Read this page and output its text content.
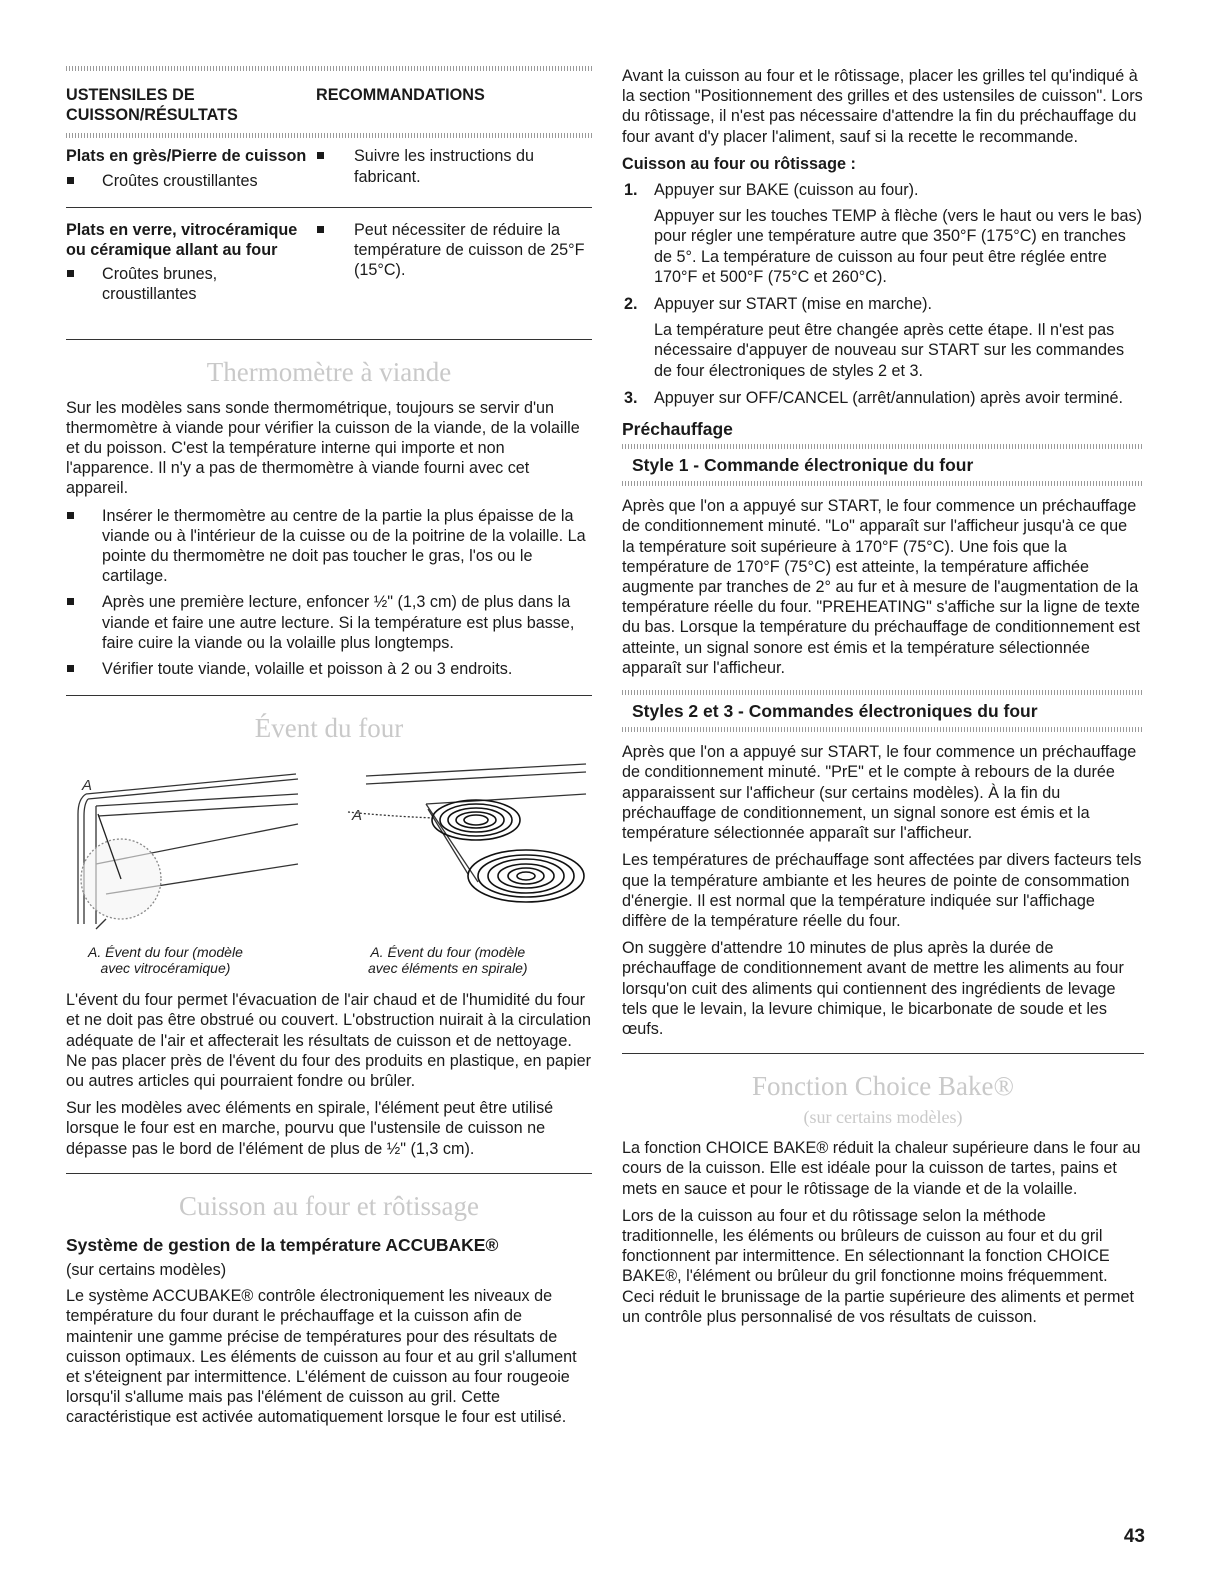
USTENSILES DE CUISSON/RÉSULTATS	RECOMMANDATIONS

Plats en grès/Pierre de cuisson
Croûtes croustillantes	Suivre les instructions du fabricant.

Plats en verre, vitrocéramique ou céramique allant au four
Croûtes brunes, croustillantes	Peut nécessiter de réduire la température de cuisson de 25°F (15°C).
Thermomètre à viande

Sur les modèles sans sonde thermométrique, toujours se servir d'un thermomètre à viande pour vérifier la cuisson de la viande, de la volaille et du poisson. C'est la température interne qui importe et non l'apparence. Il n'y a pas de thermomètre à viande fourni avec cet appareil.

Insérer le thermomètre au centre de la partie la plus épaisse de la viande ou à l'intérieur de la cuisse ou de la poitrine de la volaille. La pointe du thermomètre ne doit pas toucher le gras, l'os ou le cartilage.
Après une première lecture, enfoncer ½" (1,3 cm) de plus dans la viande et faire une autre lecture. Si la température est plus basse, faire cuire la viande ou la volaille plus longtemps.
Vérifier toute viande, volaille et poisson à 2 ou 3 endroits.
Évent du four
A
A
A. Évent du four (modèle
avec vitrocéramique)
A. Évent du four (modèle
avec éléments en spirale)

L'évent du four permet l'évacuation de l'air chaud et de l'humidité du four et ne doit pas être obstrué ou couvert. L'obstruction nuirait à la circulation adéquate de l'air et affecterait les résultats de cuisson et de nettoyage. Ne pas placer près de l'évent du four des produits en plastique, en papier ou autres articles qui pourraient fondre ou brûler.

Sur les modèles avec éléments en spirale, l'élément peut être utilisé lorsque le four est en marche, pourvu que l'ustensile de cuisson ne dépasse pas le bord de l'élément de plus de ½" (1,3 cm).

Cuisson au four et rôtissage
Système de gestion de la température ACCUBAKE®

(sur certains modèles)

Le système ACCUBAKE® contrôle électroniquement les niveaux de température du four durant le préchauffage et la cuisson afin de maintenir une gamme précise de températures pour des résultats de cuisson optimaux. Les éléments de cuisson au four et au gril s'allument et s'éteignent par intermittence. L'élément de cuisson au four rougeoie lorsqu'il s'allume mais pas l'élément de cuisson au gril. Cette caractéristique est activée automatiquement lorsque le four est utilisé.

Avant la cuisson au four et le rôtissage, placer les grilles tel qu'indiqué à la section "Positionnement des grilles et des ustensiles de cuisson". Lors du rôtissage, il n'est pas nécessaire d'attendre la fin du préchauffage du four avant d'y placer l'aliment, sauf si la recette le recommande.

Cuisson au four ou rôtissage :
1. Appuyer sur BAKE (cuisson au four).
Appuyer sur les touches TEMP à flèche (vers le haut ou vers le bas) pour régler une température autre que 350°F (175°C) en tranches de 5°. La température de cuisson au four peut être réglée entre 170°F et 500°F (75°C et 260°C).
2. Appuyer sur START (mise en marche).
La température peut être changée après cette étape. Il n'est pas nécessaire d'appuyer de nouveau sur START sur les commandes de four électroniques de styles 2 et 3.
3. Appuyer sur OFF/CANCEL (arrêt/annulation) après avoir terminé.
Préchauffage
Style 1 - Commande électronique du four

Après que l'on a appuyé sur START, le four commence un préchauffage de conditionnement minuté. "Lo" apparaît sur l'afficheur jusqu'à ce que la température soit supérieure à 170°F (75°C). Une fois que la température de 170°F (75°C) est atteinte, la température affichée augmente par tranches de 2° au fur et à mesure de l'augmentation de la température réelle du four. "PREHEATING" s'affiche sur la ligne de texte du bas. Lorsque la température du préchauffage de conditionnement est atteinte, un signal sonore est émis et la température sélectionnée apparaît sur l'afficheur.

Styles 2 et 3 - Commandes électroniques du four

Après que l'on a appuyé sur START, le four commence un préchauffage de conditionnement minuté. "PrE" et le compte à rebours de la durée apparaissent sur l'afficheur (sur certains modèles). À la fin du préchauffage de conditionnement, un signal sonore est émis et la température sélectionnée apparaît sur l'afficheur.

Les températures de préchauffage sont affectées par divers facteurs tels que la température ambiante et les heures de pointe de consommation d'énergie. Il est normal que la température indiquée sur l'affichage diffère de la température réelle du four.

On suggère d'attendre 10 minutes de plus après la durée de préchauffage de conditionnement avant de mettre les aliments au four lorsqu'on cuit des aliments qui contiennent des ingrédients de levage tels que le levain, la levure chimique, le bicarbonate de soude et les œufs.

Fonction Choice Bake®
(sur certains modèles)

La fonction CHOICE BAKE® réduit la chaleur supérieure dans le four au cours de la cuisson. Elle est idéale pour la cuisson de tartes, pains et mets en sauce et pour le rôtissage de la viande et de la volaille.

Lors de la cuisson au four et du rôtissage selon la méthode traditionnelle, les éléments ou brûleurs de cuisson au four et du gril fonctionnent par intermittence. En sélectionnant la fonction CHOICE BAKE®, l'élément ou brûleur du gril fonctionne moins fréquemment. Ceci réduit le brunissage de la partie supérieure des aliments et permet un contrôle plus personnalisé de vos résultats de cuisson.

43
